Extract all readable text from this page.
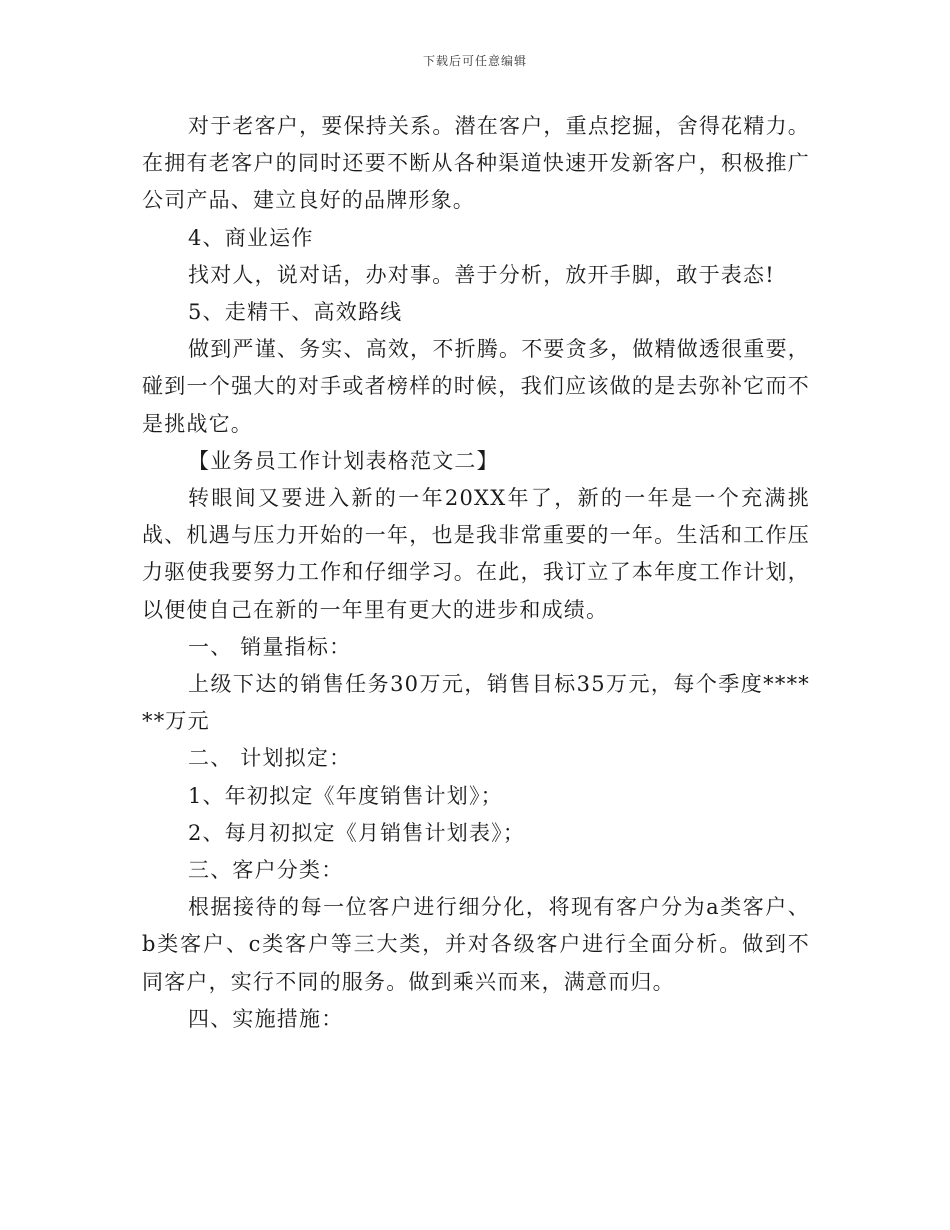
下载后可任意编辑

对于老客户，要保持关系。潜在客户，重点挖掘，舍得花精力。在拥有老客户的同时还要不断从各种渠道快速开发新客户，积极推广公司产品、建立良好的品牌形象。

4、商业运作

找对人，说对话，办对事。善于分析，放开手脚，敢于表态!

5、走精干、高效路线

做到严谨、务实、高效，不折腾。不要贪多，做精做透很重要，碰到一个强大的对手或者榜样的时候，我们应该做的是去弥补它而不是挑战它。

【业务员工作计划表格范文二】

转眼间又要进入新的一年20XX年了，新的一年是一个充满挑战、机遇与压力开始的一年，也是我非常重要的一年。生活和工作压力驱使我要努力工作和仔细学习。在此，我订立了本年度工作计划，以便使自己在新的一年里有更大的进步和成绩。

一、 销量指标：

上级下达的销售任务30万元，销售目标35万元，每个季度******万元

二、 计划拟定：

1、年初拟定《年度销售计划》；

2、每月初拟定《月销售计划表》；

三、客户分类：

根据接待的每一位客户进行细分化，将现有客户分为a类客户、b类客户、c类客户等三大类，并对各级客户进行全面分析。做到不同客户，实行不同的服务。做到乘兴而来，满意而归。

四、实施措施：
